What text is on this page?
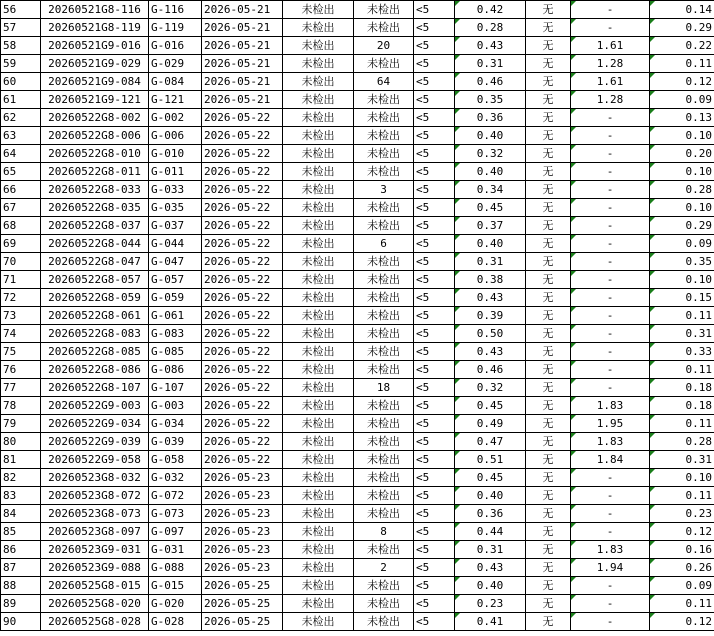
56	20260521G8-116	G-116	2026-05-21	未检出	未检出	<5	0.42	无	-	0.14
57	20260521G8-119	G-119	2026-05-21	未检出	未检出	<5	0.28	无	-	0.29
58	20260521G9-016	G-016	2026-05-21	未检出	20	<5	0.43	无	1.61	0.22
59	20260521G9-029	G-029	2026-05-21	未检出	未检出	<5	0.31	无	1.28	0.11
60	20260521G9-084	G-084	2026-05-21	未检出	64	<5	0.46	无	1.61	0.12
61	20260521G9-121	G-121	2026-05-21	未检出	未检出	<5	0.35	无	1.28	0.09
62	20260522G8-002	G-002	2026-05-22	未检出	未检出	<5	0.36	无	-	0.13
63	20260522G8-006	G-006	2026-05-22	未检出	未检出	<5	0.40	无	-	0.10
64	20260522G8-010	G-010	2026-05-22	未检出	未检出	<5	0.32	无	-	0.20
65	20260522G8-011	G-011	2026-05-22	未检出	未检出	<5	0.40	无	-	0.10
66	20260522G8-033	G-033	2026-05-22	未检出	3	<5	0.34	无	-	0.28
67	20260522G8-035	G-035	2026-05-22	未检出	未检出	<5	0.45	无	-	0.10
68	20260522G8-037	G-037	2026-05-22	未检出	未检出	<5	0.37	无	-	0.29
69	20260522G8-044	G-044	2026-05-22	未检出	6	<5	0.40	无	-	0.09
70	20260522G8-047	G-047	2026-05-22	未检出	未检出	<5	0.31	无	-	0.35
71	20260522G8-057	G-057	2026-05-22	未检出	未检出	<5	0.38	无	-	0.10
72	20260522G8-059	G-059	2026-05-22	未检出	未检出	<5	0.43	无	-	0.15
73	20260522G8-061	G-061	2026-05-22	未检出	未检出	<5	0.39	无	-	0.11
74	20260522G8-083	G-083	2026-05-22	未检出	未检出	<5	0.50	无	-	0.31
75	20260522G8-085	G-085	2026-05-22	未检出	未检出	<5	0.43	无	-	0.33
76	20260522G8-086	G-086	2026-05-22	未检出	未检出	<5	0.46	无	-	0.11
77	20260522G8-107	G-107	2026-05-22	未检出	18	<5	0.32	无	-	0.18
78	20260522G9-003	G-003	2026-05-22	未检出	未检出	<5	0.45	无	1.83	0.18
79	20260522G9-034	G-034	2026-05-22	未检出	未检出	<5	0.49	无	1.95	0.11
80	20260522G9-039	G-039	2026-05-22	未检出	未检出	<5	0.47	无	1.83	0.28
81	20260522G9-058	G-058	2026-05-22	未检出	未检出	<5	0.51	无	1.84	0.31
82	20260523G8-032	G-032	2026-05-23	未检出	未检出	<5	0.45	无	-	0.10
83	20260523G8-072	G-072	2026-05-23	未检出	未检出	<5	0.40	无	-	0.11
84	20260523G8-073	G-073	2026-05-23	未检出	未检出	<5	0.36	无	-	0.23
85	20260523G8-097	G-097	2026-05-23	未检出	8	<5	0.44	无	-	0.12
86	20260523G9-031	G-031	2026-05-23	未检出	未检出	<5	0.31	无	1.83	0.16
87	20260523G9-088	G-088	2026-05-23	未检出	2	<5	0.43	无	1.94	0.26
88	20260525G8-015	G-015	2026-05-25	未检出	未检出	<5	0.40	无	-	0.09
89	20260525G8-020	G-020	2026-05-25	未检出	未检出	<5	0.23	无	-	0.11
90	20260525G8-028	G-028	2026-05-25	未检出	未检出	<5	0.41	无	-	0.12
